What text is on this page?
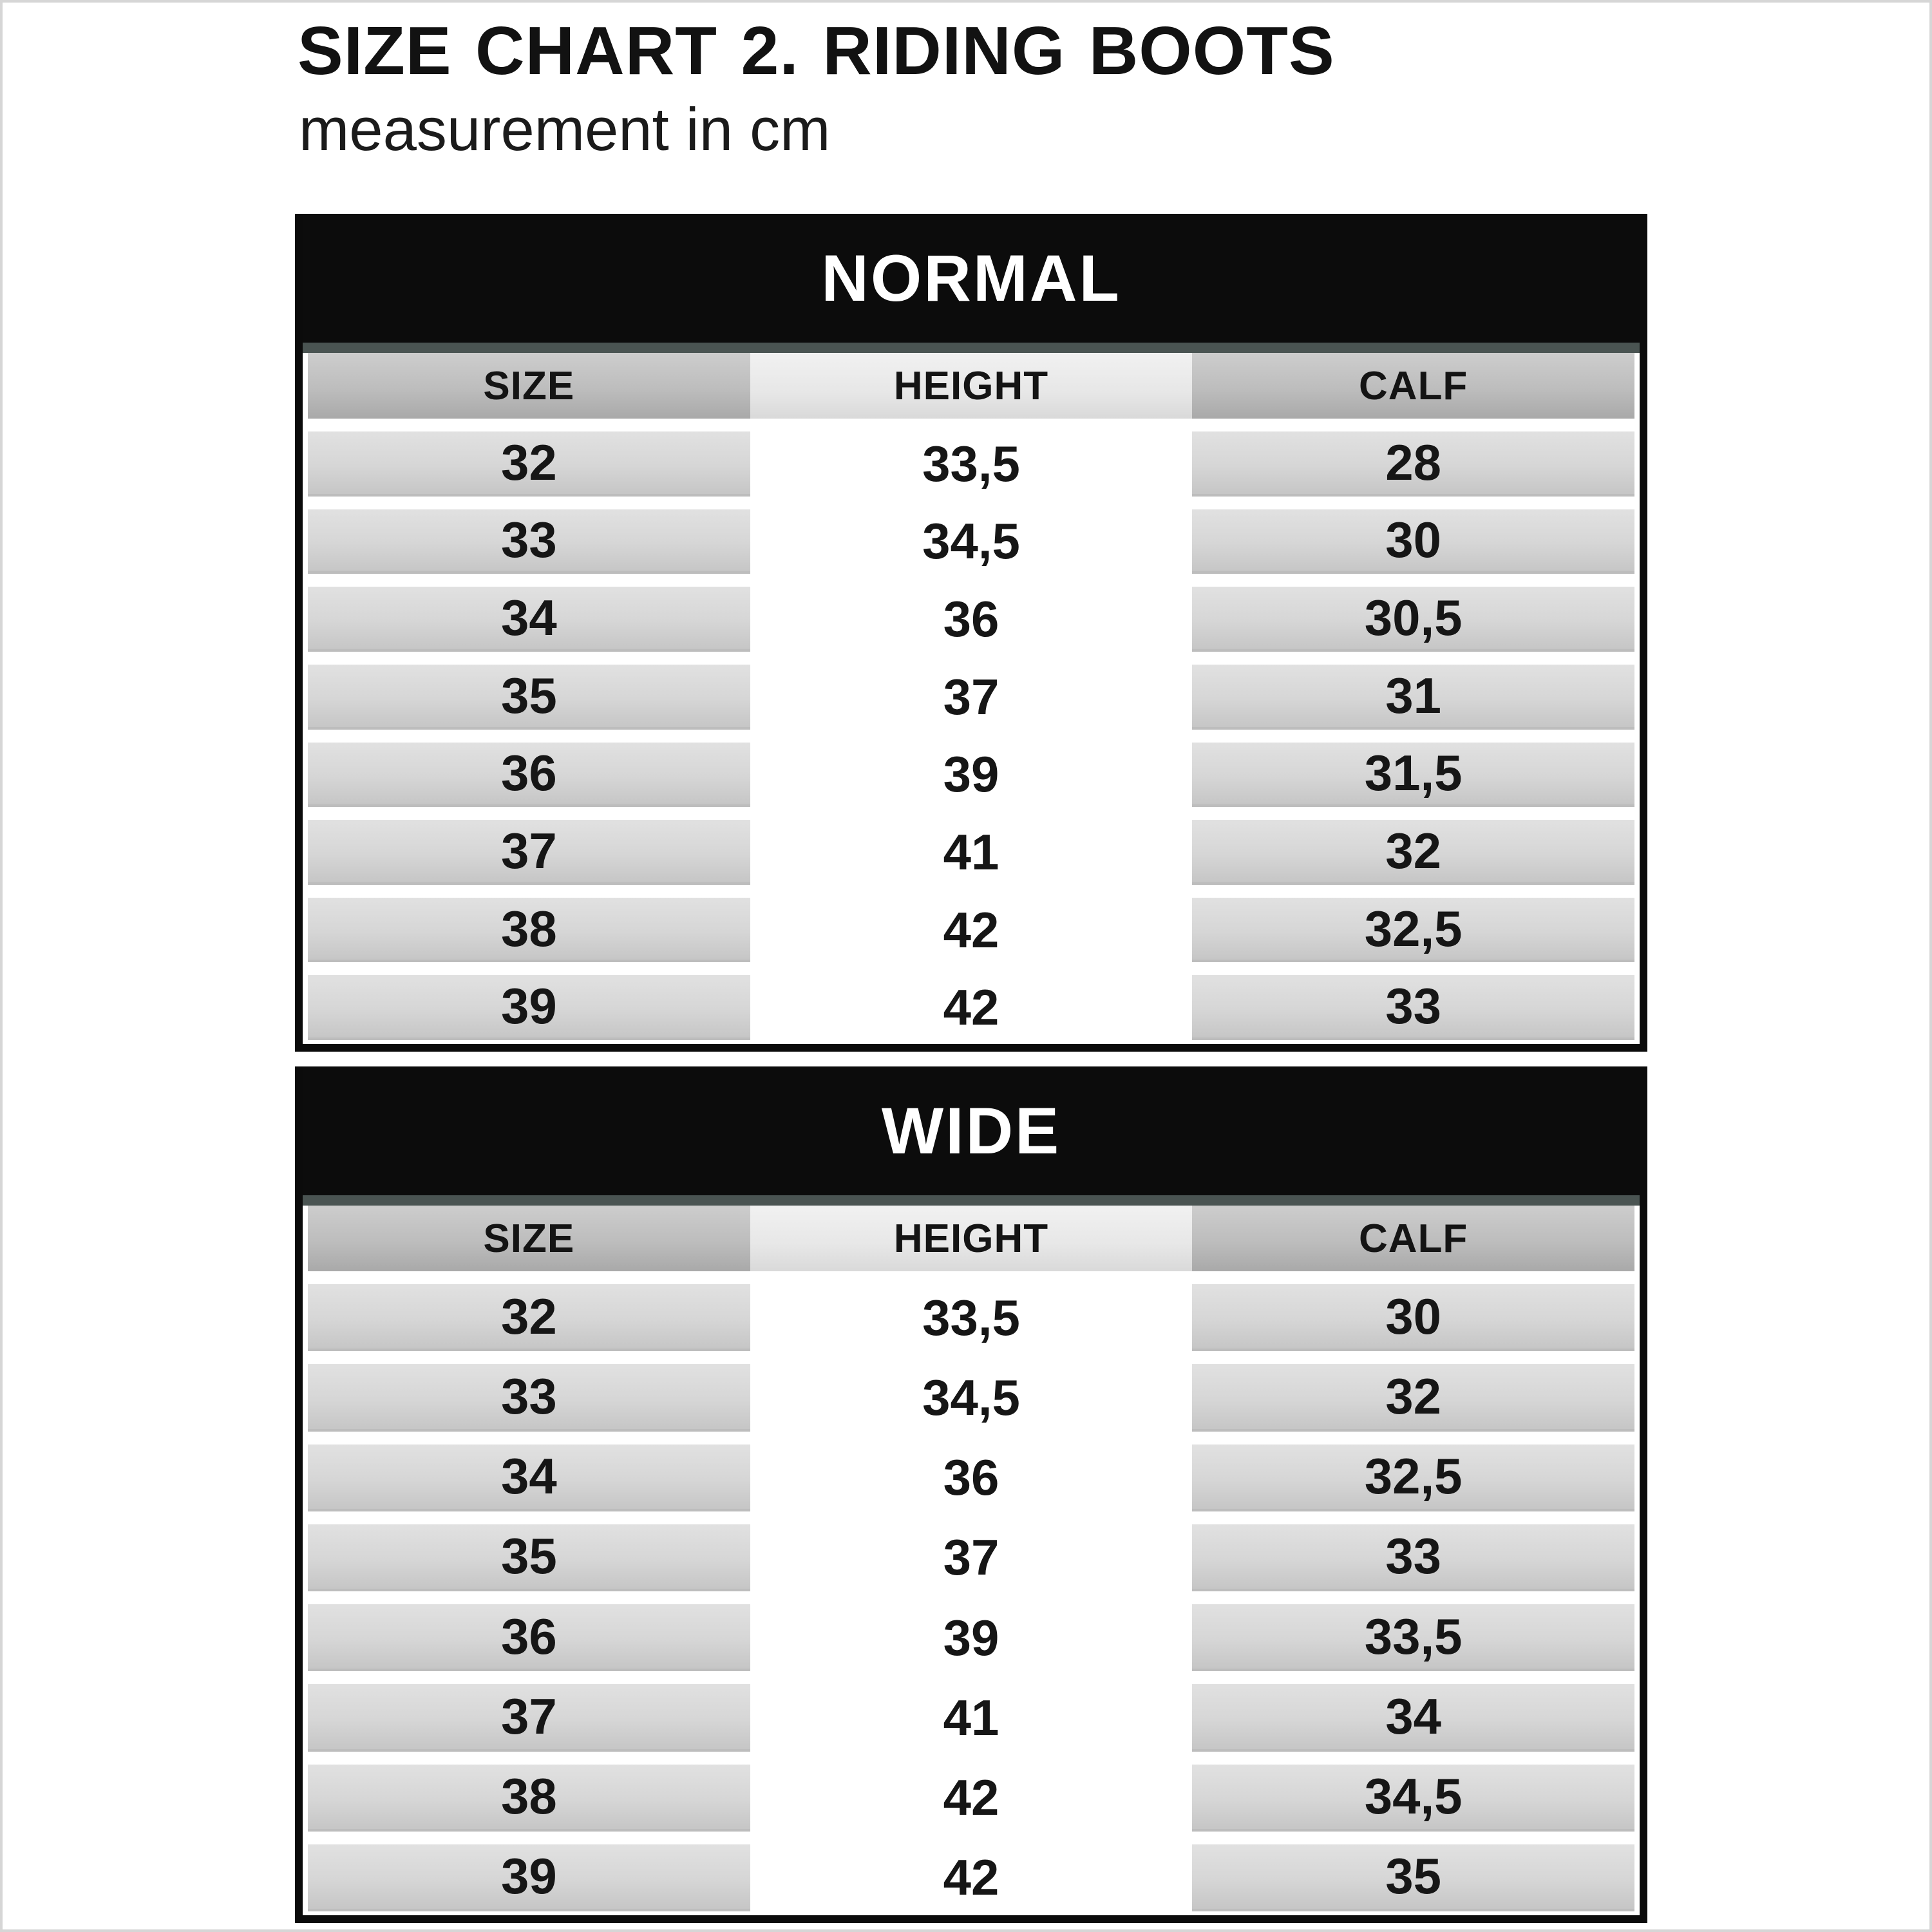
SIZE CHART 2. RIDING BOOTS
measurement in cm
NORMAL
SIZE	HEIGHT	CALF
32	33,5	28
33	34,5	30
34	36	30,5
35	37	31
36	39	31,5
37	41	32
38	42	32,5
39	42	33
WIDE
SIZE	HEIGHT	CALF
32	33,5	30
33	34,5	32
34	36	32,5
35	37	33
36	39	33,5
37	41	34
38	42	34,5
39	42	35
